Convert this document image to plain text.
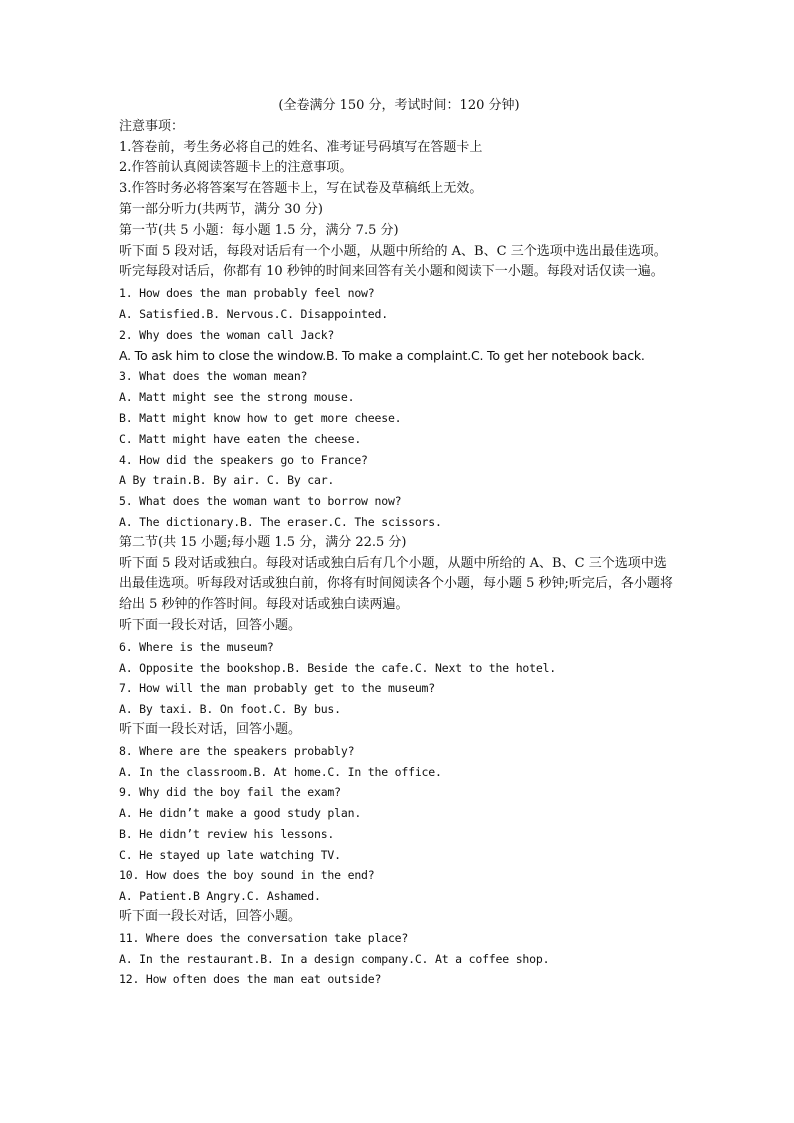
(全卷满分 150 分，考试时间：120 分钟)

注意事项：

1.答卷前，考生务必将自己的姓名、准考证号码填写在答题卡上

2.作答前认真阅读答题卡上的注意事项。

3.作答时务必将答案写在答题卡上，写在试卷及草稿纸上无效。

第一部分听力(共两节，满分 30 分)

第一节(共 5 小题：每小题 1.5 分，满分 7.5 分)

听下面 5 段对话，每段对话后有一个小题，从题中所给的 A、B、C 三个选项中选出最佳选项。听完每段对话后，你都有 10 秒钟的时间来回答有关小题和阅读下一小题。每段对话仅读一遍。

1. How does the man probably feel now?

A. Satisfied.B. Nervous.C. Disappointed.

2. Why does the woman call Jack?

A. To ask him to close the window.B. To make a complaint.C. To get her notebook back.

3. What does the woman mean?

A. Matt might see the strong mouse.

B. Matt might know how to get more cheese.

C. Matt might have eaten the cheese.

4. How did the speakers go to France?

A By train.B. By air. C. By car.

5. What does the woman want to borrow now?

A. The dictionary.B. The eraser.C. The scissors.

第二节(共 15 小题;每小题 1.5 分，满分 22.5 分)

听下面 5 段对话或独白。每段对话或独白后有几个小题，从题中所给的 A、B、C 三个选项中选出最佳选项。听每段对话或独白前，你将有时间阅读各个小题，每小题 5 秒钟;听完后，各小题将给出 5 秒钟的作答时间。每段对话或独白读两遍。

听下面一段长对话，回答小题。

6. Where is the museum?

A. Opposite the bookshop.B. Beside the cafe.C. Next to the hotel.

7. How will the man probably get to the museum?

A. By taxi. B. On foot.C. By bus.

听下面一段长对话，回答小题。

8. Where are the speakers probably?

A. In the classroom.B. At home.C. In the office.

9. Why did the boy fail the exam?

A. He didn’t make a good study plan.

B. He didn’t review his lessons.

C. He stayed up late watching TV.

10. How does the boy sound in the end?

A. Patient.B Angry.C. Ashamed.

听下面一段长对话，回答小题。

11. Where does the conversation take place?

A. In the restaurant.B. In a design company.C. At a coffee shop.

12. How often does the man eat outside?
